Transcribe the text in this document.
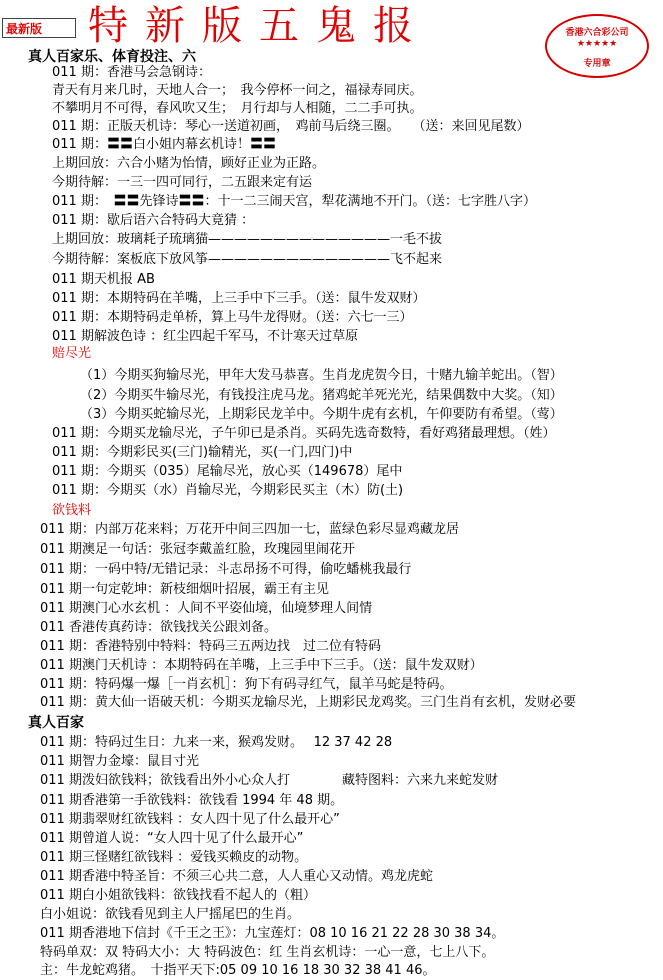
最新版	特新版五鬼报	香港六合彩公司
★★★★★
专用章
真人百家乐、体育投注、六
011 期：香港马会急钢诗：
青天有月来几时，天地人合一；　我今停杯一问之，福禄寿同庆。
不攀明月不可得，春风吹又生；　月行却与人相随，二二手可执。
011 期：正版天机诗：琴心一送道初画，　鸡前马后绕三圈。　　（送：来回见尾数）
011 期：〓〓白小姐内幕玄机诗！〓〓
上期回放：六合小赌为怡情，顾好正业为正路。
今期待解：一三一四可同行，二五跟来定有运
011 期：　〓〓先锋诗〓〓：十一二三闹天宫，犁花满地不开门。（送：七字胜八字）
011 期：歇后语六合特码大竟猜 ：
上期回放：玻璃耗子琉璃猫——————————————一毛不拔
今期待解：案板底下放风筝——————————————飞不起来
011 期天机报 AB
011 期：本期特码在羊嘴，上三手中下三手。（送：鼠牛发双财）
011 期：本期特码走单桥，算上马牛龙得财。（送：六七一三）
011 期解波色诗 ：红尘四起千军马，不计寒天过草原
赔尽光
（1）今期买狗输尽光，甲年大发马恭喜。生肖龙虎贺今日，十赌九输羊蛇出。（智）
（2）今期买牛输尽光，有钱投注虎马龙。猪鸡蛇羊死光光，结果偶数中大奖。（知）
（3）今期买蛇输尽光，上期彩民龙羊中。今期牛虎有玄机，午仰要防有希望。（莺）
011 期：今期买龙输尽光，子午卯已是杀肖。买码先选奇数特，看好鸡猪最理想。（姓）
011 期：今期彩民买(三门)输精光，买(一门,四门)中
011 期：今期买（035）尾输尽光，放心买（149678）尾中
011 期：今期买（水）肖输尽光，今期彩民买主（木）防(土)
欲钱料
011 期：内部万花来料；万花开中间三四加一七，蓝绿色彩尽显鸡藏龙居
011 期澳足一句话：张冠李戴盖红脸，玫瑰园里闹花开
011 期：一码中特/无错记录：斗志昂扬不可得，偷吃蟠桃我最行
011 期一句定乾坤：新枝细烟叶招展，霸王有主见
011 期澳门心水玄机 ：人间不平姿仙境，仙境梦理人间情
011 香港传真药诗：欲钱找关公跟刘备。
011 期：香港特别中特料：特码三五两边找　过二位有特码
011 期澳门天机诗 ：本期特码在羊嘴，上三手中下三手。（送：鼠牛发双财）
011 期：特码爆一爆［一肖玄机］：狗下有码寻红气，鼠羊马蛇是特码。
011 期：黄大仙一语破天机：今期买龙输尽光，上期彩民龙鸡奖。三门生肖有玄机，发财必要
真人百家
011 期：特码过生日：九来一来，猴鸡发财。　 12 37 42 28
011 期智力金壕：鼠目寸光
011 期泼妇欲钱料；欲钱看出外小心众人打　　　　藏特图料：六来九来蛇发财
011 期香港第一手欲钱料：欲钱看 1994 年 48 期。
011 期翡翠财红欲钱料 ：女人四十见了什么最开心”
011 期曾道人说：“女人四十见了什么最开心”
011 期三怪赌红欲钱料 ：爱钱买赖皮的动物。
011 期香港中特圣旨：不须三心共二意，人人重心又动情。鸡龙虎蛇
011 期白小姐欲钱料：欲钱找看不起人的（粗）
白小姐说：欲钱看见到主人尸摇尾巴的生肖。
011 期香港地下信封《千王之王》：九宝莲灯：08 10 16 21 22 28 30 38 34。
特码单双：双 特码大小：大 特码波色：红 生肖玄机诗：一心一意，七上八下。
主：牛龙蛇鸡猪。　十指平天下:05 09 10 16 18 30 32 38 41 46。
